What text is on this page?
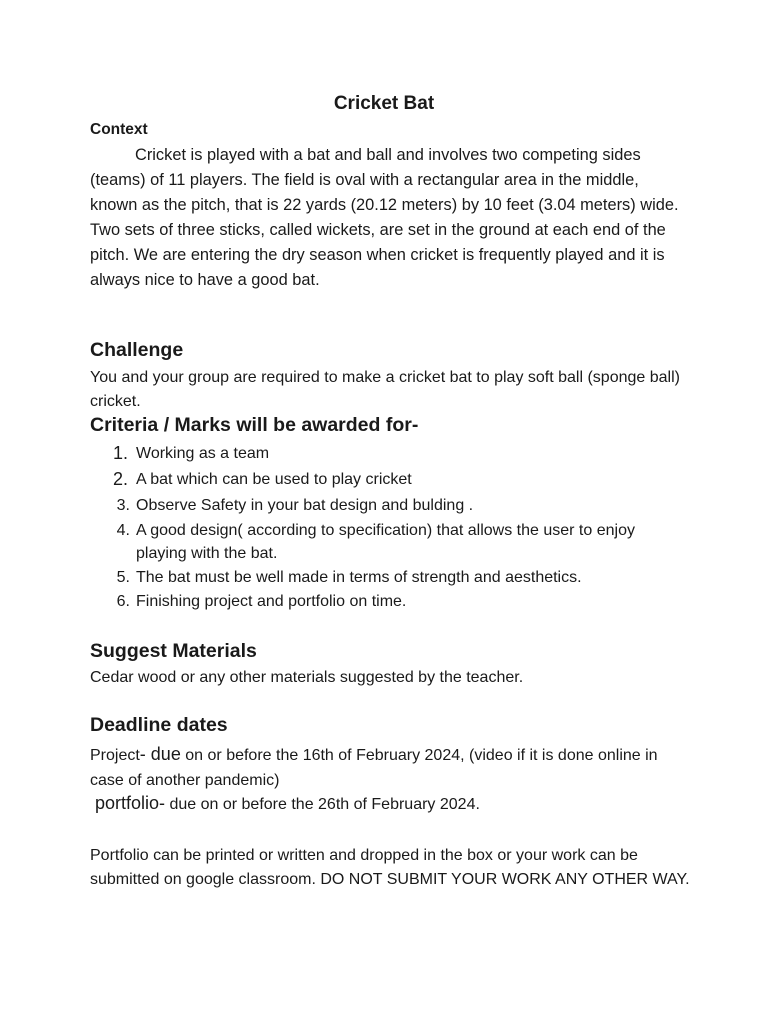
Cricket Bat

Context

Cricket is played with a bat and ball and involves two competing sides (teams) of 11 players. The field is oval with a rectangular area in the middle, known as the pitch, that is 22 yards (20.12 meters) by 10 feet (3.04 meters) wide. Two sets of three sticks, called wickets, are set in the ground at each end of the pitch. We are entering the dry season when cricket is frequently played and it is always nice to have a good bat.

Challenge

You and your group are required to make a cricket bat to play soft ball (sponge ball) cricket.

Criteria / Marks will be awarded for-
1. Working as a team
2. A bat which can be used to play cricket
3. Observe Safety in your bat design and bulding .
4. A good design( according to specification) that allows the user to enjoy playing with the bat.
5. The bat must be well made in terms of strength and aesthetics.
6. Finishing project and portfolio on time.
Suggest Materials

Cedar wood or any other materials suggested by the teacher.

Deadline dates

Project- due on or before the 16th of February 2024, (video if it is done online in case of another pandemic)

portfolio- due on or before the 26th of February 2024.

Portfolio can be printed or written and dropped in the box or your work can be submitted on google classroom. DO NOT SUBMIT YOUR WORK ANY OTHER WAY.
